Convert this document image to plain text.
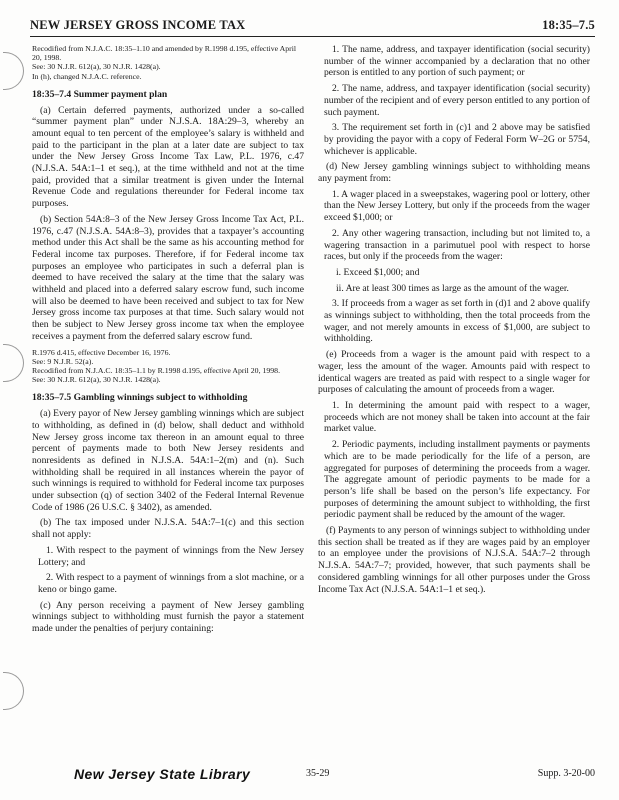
NEW JERSEY GROSS INCOME TAX	18:35–7.5
Recodified from N.J.A.C. 18:35–1.10 and amended by R.1998 d.195, effective April 20, 1998.
See: 30 N.J.R. 612(a), 30 N.J.R. 1428(a).
In (h), changed N.J.A.C. reference.
18:35–7.4 Summer payment plan

(a) Certain deferred payments, authorized under a so-called “summer payment plan” under N.J.S.A. 18A:29–3, whereby an amount equal to ten percent of the employee’s salary is withheld and paid to the participant in the plan at a later date are subject to tax under the New Jersey Gross Income Tax Law, P.L. 1976, c.47 (N.J.S.A. 54A:1–1 et seq.), at the time withheld and not at the time paid, provided that a similar treatment is given under the Internal Revenue Code and regulations thereunder for Federal income tax purposes.

(b) Section 54A:8–3 of the New Jersey Gross Income Tax Act, P.L. 1976, c.47 (N.J.S.A. 54A:8–3), provides that a taxpayer’s accounting method under this Act shall be the same as his accounting method for Federal income tax purposes. Therefore, if for Federal income tax purposes an employee who participates in such a deferral plan is deemed to have received the salary at the time that the salary was withheld and placed into a deferred salary escrow fund, such income will also be deemed to have been received and subject to tax for New Jersey gross income tax purposes at that time. Such salary would not then be subject to New Jersey gross income tax when the employee receives a payment from the deferred salary escrow fund.

R.1976 d.415, effective December 16, 1976.
See: 9 N.J.R. 52(a).
Recodified from N.J.A.C. 18:35–1.1 by R.1998 d.195, effective April 20, 1998.
See: 30 N.J.R. 612(a), 30 N.J.R. 1428(a).
18:35–7.5 Gambling winnings subject to withholding

(a) Every payor of New Jersey gambling winnings which are subject to withholding, as defined in (d) below, shall deduct and withhold New Jersey gross income tax thereon in an amount equal to three percent of payments made to both New Jersey residents and nonresidents as defined in N.J.S.A. 54A:1–2(m) and (n). Such withholding shall be required in all instances wherein the payor of such winnings is required to withhold for Federal income tax purposes under subsection (q) of section 3402 of the Federal Internal Revenue Code of 1986 (26 U.S.C. § 3402), as amended.

(b) The tax imposed under N.J.S.A. 54A:7–1(c) and this section shall not apply:

1. With respect to the payment of winnings from the New Jersey Lottery; and

2. With respect to a payment of winnings from a slot machine, or a keno or bingo game.

(c) Any person receiving a payment of New Jersey gambling winnings subject to withholding must furnish the payor a statement made under the penalties of perjury containing:

1. The name, address, and taxpayer identification (social security) number of the winner accompanied by a declaration that no other person is entitled to any portion of such payment; or

2. The name, address, and taxpayer identification (social security) number of the recipient and of every person entitled to any portion of such payment.

3. The requirement set forth in (c)1 and 2 above may be satisfied by providing the payor with a copy of Federal Form W–2G or 5754, whichever is applicable.

(d) New Jersey gambling winnings subject to withholding means any payment from:

1. A wager placed in a sweepstakes, wagering pool or lottery, other than the New Jersey Lottery, but only if the proceeds from the wager exceed $1,000; or

2. Any other wagering transaction, including but not limited to, a wagering transaction in a parimutuel pool with respect to horse races, but only if the proceeds from the wager:

i. Exceed $1,000; and

ii. Are at least 300 times as large as the amount of the wager.

3. If proceeds from a wager as set forth in (d)1 and 2 above qualify as winnings subject to withholding, then the total proceeds from the wager, and not merely amounts in excess of $1,000, are subject to withholding.

(e) Proceeds from a wager is the amount paid with respect to a wager, less the amount of the wager. Amounts paid with respect to identical wagers are treated as paid with respect to a single wager for purposes of calculating the amount of proceeds from a wager.

1. In determining the amount paid with respect to a wager, proceeds which are not money shall be taken into account at the fair market value.

2. Periodic payments, including installment payments or payments which are to be made periodically for the life of a person, are aggregated for purposes of determining the proceeds from a wager. The aggregate amount of periodic payments to be made for a person’s life shall be based on the person’s life expectancy. For purposes of determining the amount subject to withholding, the first periodic payment shall be reduced by the amount of the wager.

(f) Payments to any person of winnings subject to withholding under this section shall be treated as if they are wages paid by an employer to an employee under the provisions of N.J.S.A. 54A:7–2 through N.J.S.A. 54A:7–7; provided, however, that such payments shall be considered gambling winnings for all other purposes under the Gross Income Tax Act (N.J.S.A. 54A:1–1 et seq.).

New Jersey State Library	35-29	Supp. 3-20-00
